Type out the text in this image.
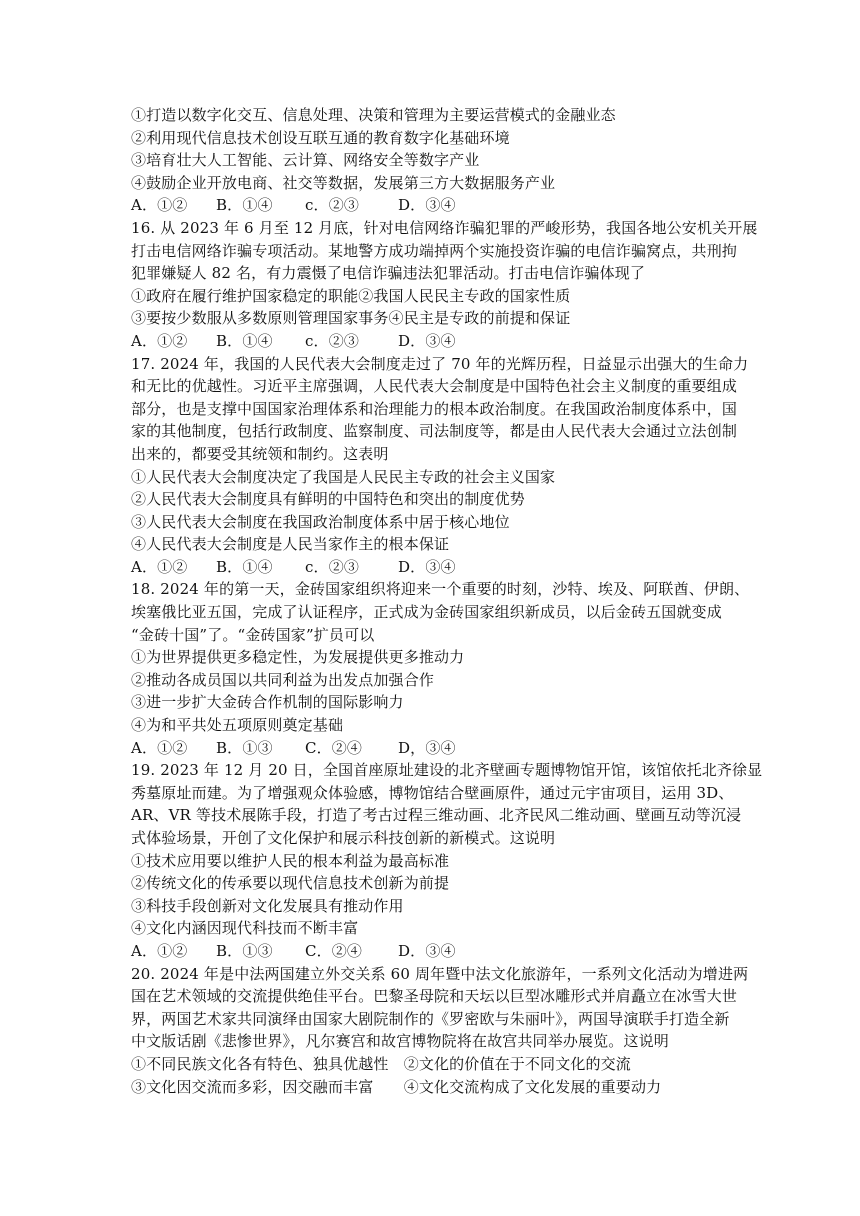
①打造以数字化交互、信息处理、决策和管理为主要运营模式的金融业态
②利用现代信息技术创设互联互通的教育数字化基础环境
③培育壮大人工智能、云计算、网络安全等数字产业
④鼓励企业开放电商、社交等数据，发展第三方大数据服务产业
A．①②	B．①④	c．②③	D．③④
16. 从 2023 年 6 月至 12 月底，针对电信网络诈骗犯罪的严峻形势，我国各地公安机关开展
打击电信网络诈骗专项活动。某地警方成功端掉两个实施投资诈骗的电信诈骗窝点，共刑拘
犯罪嫌疑人 82 名，有力震慑了电信诈骗违法犯罪活动。打击电信诈骗体现了
①政府在履行维护国家稳定的职能②我国人民民主专政的国家性质
③要按少数服从多数原则管理国家事务④民主是专政的前提和保证
A．①②	B．①④	c．②③	D．③④
17. 2024 年，我国的人民代表大会制度走过了 70 年的光辉历程，日益显示出强大的生命力
和无比的优越性。习近平主席强调，人民代表大会制度是中国特色社会主义制度的重要组成
部分，也是支撑中国国家治理体系和治理能力的根本政治制度。在我国政治制度体系中，国
家的其他制度，包括行政制度、监察制度、司法制度等，都是由人民代表大会通过立法创制
出来的，都要受其统领和制约。这表明
①人民代表大会制度决定了我国是人民民主专政的社会主义国家
②人民代表大会制度具有鲜明的中国特色和突出的制度优势
③人民代表大会制度在我国政治制度体系中居于核心地位
④人民代表大会制度是人民当家作主的根本保证
A．①②	B．①④	c．②③	D．③④
18. 2024 年的第一天，金砖国家组织将迎来一个重要的时刻，沙特、埃及、阿联酋、伊朗、
埃塞俄比亚五国，完成了认证程序，正式成为金砖国家组织新成员，以后金砖五国就变成
“金砖十国”了。“金砖国家”扩员可以
①为世界提供更多稳定性，为发展提供更多推动力
②推动各成员国以共同利益为出发点加强合作
③进一步扩大金砖合作机制的国际影响力
④为和平共处五项原则奠定基础
A．①②	B．①③	C．②④	D，③④
19. 2023 年 12 月 20 日，全国首座原址建设的北齐壁画专题博物馆开馆，该馆依托北齐徐显
秀墓原址而建。为了增强观众体验感，博物馆结合壁画原件，通过元宇宙项目，运用 3D、
AR、VR 等技术展陈手段，打造了考古过程三维动画、北齐民风二维动画、壁画互动等沉浸
式体验场景，开创了文化保护和展示科技创新的新模式。这说明
①技术应用要以维护人民的根本利益为最高标准
②传统文化的传承要以现代信息技术创新为前提
③科技手段创新对文化发展具有推动作用
④文化内涵因现代科技而不断丰富
A．①②	B．①③	C．②④	D．③④
20. 2024 年是中法两国建立外交关系 60 周年暨中法文化旅游年，一系列文化活动为增进两
国在艺术领域的交流提供绝佳平台。巴黎圣母院和天坛以巨型冰雕形式并肩矗立在冰雪大世
界，两国艺术家共同演绎由国家大剧院制作的《罗密欧与朱丽叶》，两国导演联手打造全新
中文版话剧《悲惨世界》，凡尔赛宫和故宫博物院将在故宫共同举办展览。这说明
①不同民族文化各有特色、独具优越性　②文化的价值在于不同文化的交流
③文化因交流而多彩，因交融而丰富　　④文化交流构成了文化发展的重要动力
